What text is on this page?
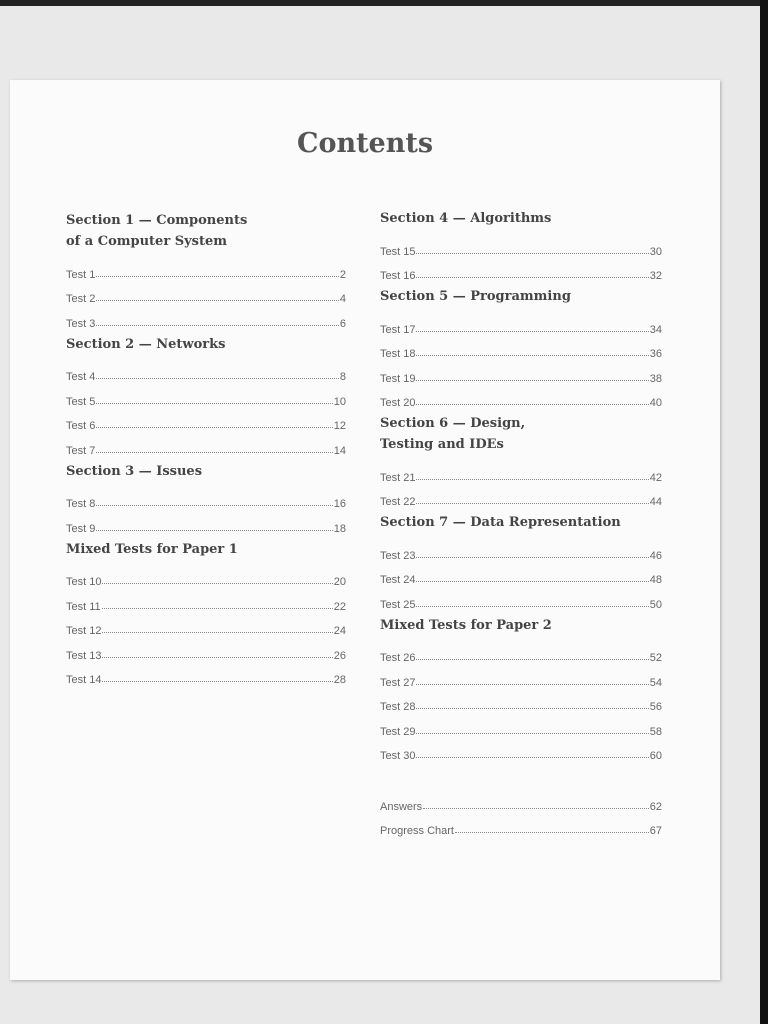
Contents
Section 1 — Components of a Computer System
Test 1	2
Test 2	4
Test 3	6
Section 2 — Networks
Test 4	8
Test 5	10
Test 6	12
Test 7	14
Section 3 — Issues
Test 8	16
Test 9	18
Mixed Tests for Paper 1
Test 10	20
Test 11	22
Test 12	24
Test 13	26
Test 14	28
Section 4 — Algorithms
Test 15	30
Test 16	32
Section 5 — Programming
Test 17	34
Test 18	36
Test 19	38
Test 20	40
Section 6 — Design, Testing and IDEs
Test 21	42
Test 22	44
Section 7 — Data Representation
Test 23	46
Test 24	48
Test 25	50
Mixed Tests for Paper 2
Test 26	52
Test 27	54
Test 28	56
Test 29	58
Test 30	60
Answers	62
Progress Chart	67
